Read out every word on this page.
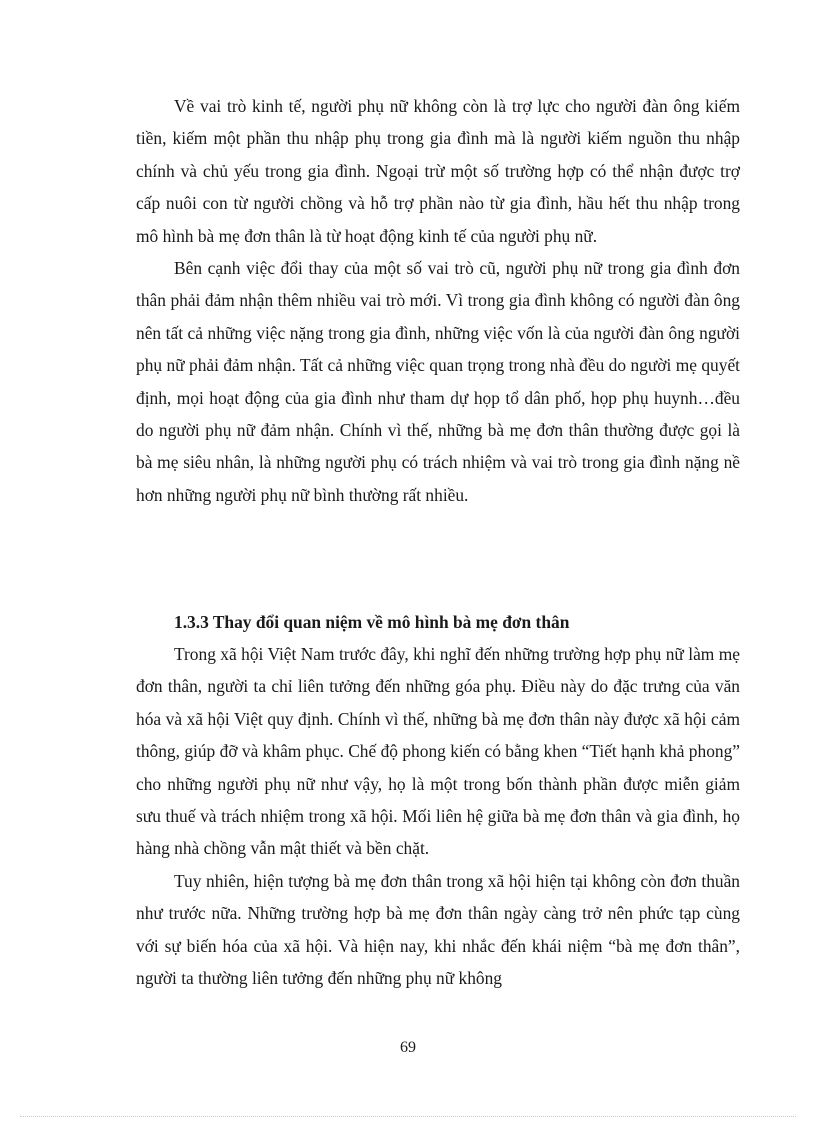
Về vai trò kinh tế, người phụ nữ không còn là trợ lực cho người đàn ông kiếm tiền, kiếm một phần thu nhập phụ trong gia đình mà là người kiếm nguồn thu nhập chính và chủ yếu trong gia đình. Ngoại trừ một số trường hợp có thể nhận được trợ cấp nuôi con từ người chồng và hỗ trợ phần nào từ gia đình, hầu hết thu nhập trong mô hình bà mẹ đơn thân là từ hoạt động kinh tế của người phụ nữ.

Bên cạnh việc đổi thay của một số vai trò cũ, người phụ nữ trong gia đình đơn thân phải đảm nhận thêm nhiều vai trò mới. Vì trong gia đình không có người đàn ông nên tất cả những việc nặng trong gia đình, những việc vốn là của người đàn ông người phụ nữ phải đảm nhận. Tất cả những việc quan trọng trong nhà đều do người mẹ quyết định, mọi hoạt động của gia đình như tham dự họp tổ dân phố, họp phụ huynh…đều do người phụ nữ đảm nhận. Chính vì thế, những bà mẹ đơn thân thường được gọi là bà mẹ siêu nhân, là những người phụ có trách nhiệm và vai trò trong gia đình nặng nề hơn những người phụ nữ bình thường rất nhiều.

1.3.3 Thay đổi quan niệm về mô hình bà mẹ đơn thân

Trong xã hội Việt Nam trước đây, khi nghĩ đến những trường hợp phụ nữ làm mẹ đơn thân, người ta chỉ liên tưởng đến những góa phụ. Điều này do đặc trưng của văn hóa và xã hội Việt quy định. Chính vì thế, những bà mẹ đơn thân này được xã hội cảm thông, giúp đỡ và khâm phục. Chế độ phong kiến có bằng khen “Tiết hạnh khả phong” cho những người phụ nữ như vậy, họ là một trong bốn thành phần được miễn giảm sưu thuế và trách nhiệm trong xã hội. Mối liên hệ giữa bà mẹ đơn thân và gia đình, họ hàng nhà chồng vẫn mật thiết và bền chặt.

Tuy nhiên, hiện tượng bà mẹ đơn thân trong xã hội hiện tại không còn đơn thuần như trước nữa. Những trường hợp bà mẹ đơn thân ngày càng trở nên phức tạp cùng với sự biến hóa của xã hội. Và hiện nay, khi nhắc đến khái niệm “bà mẹ đơn thân”, người ta thường liên tưởng đến những phụ nữ không

69
